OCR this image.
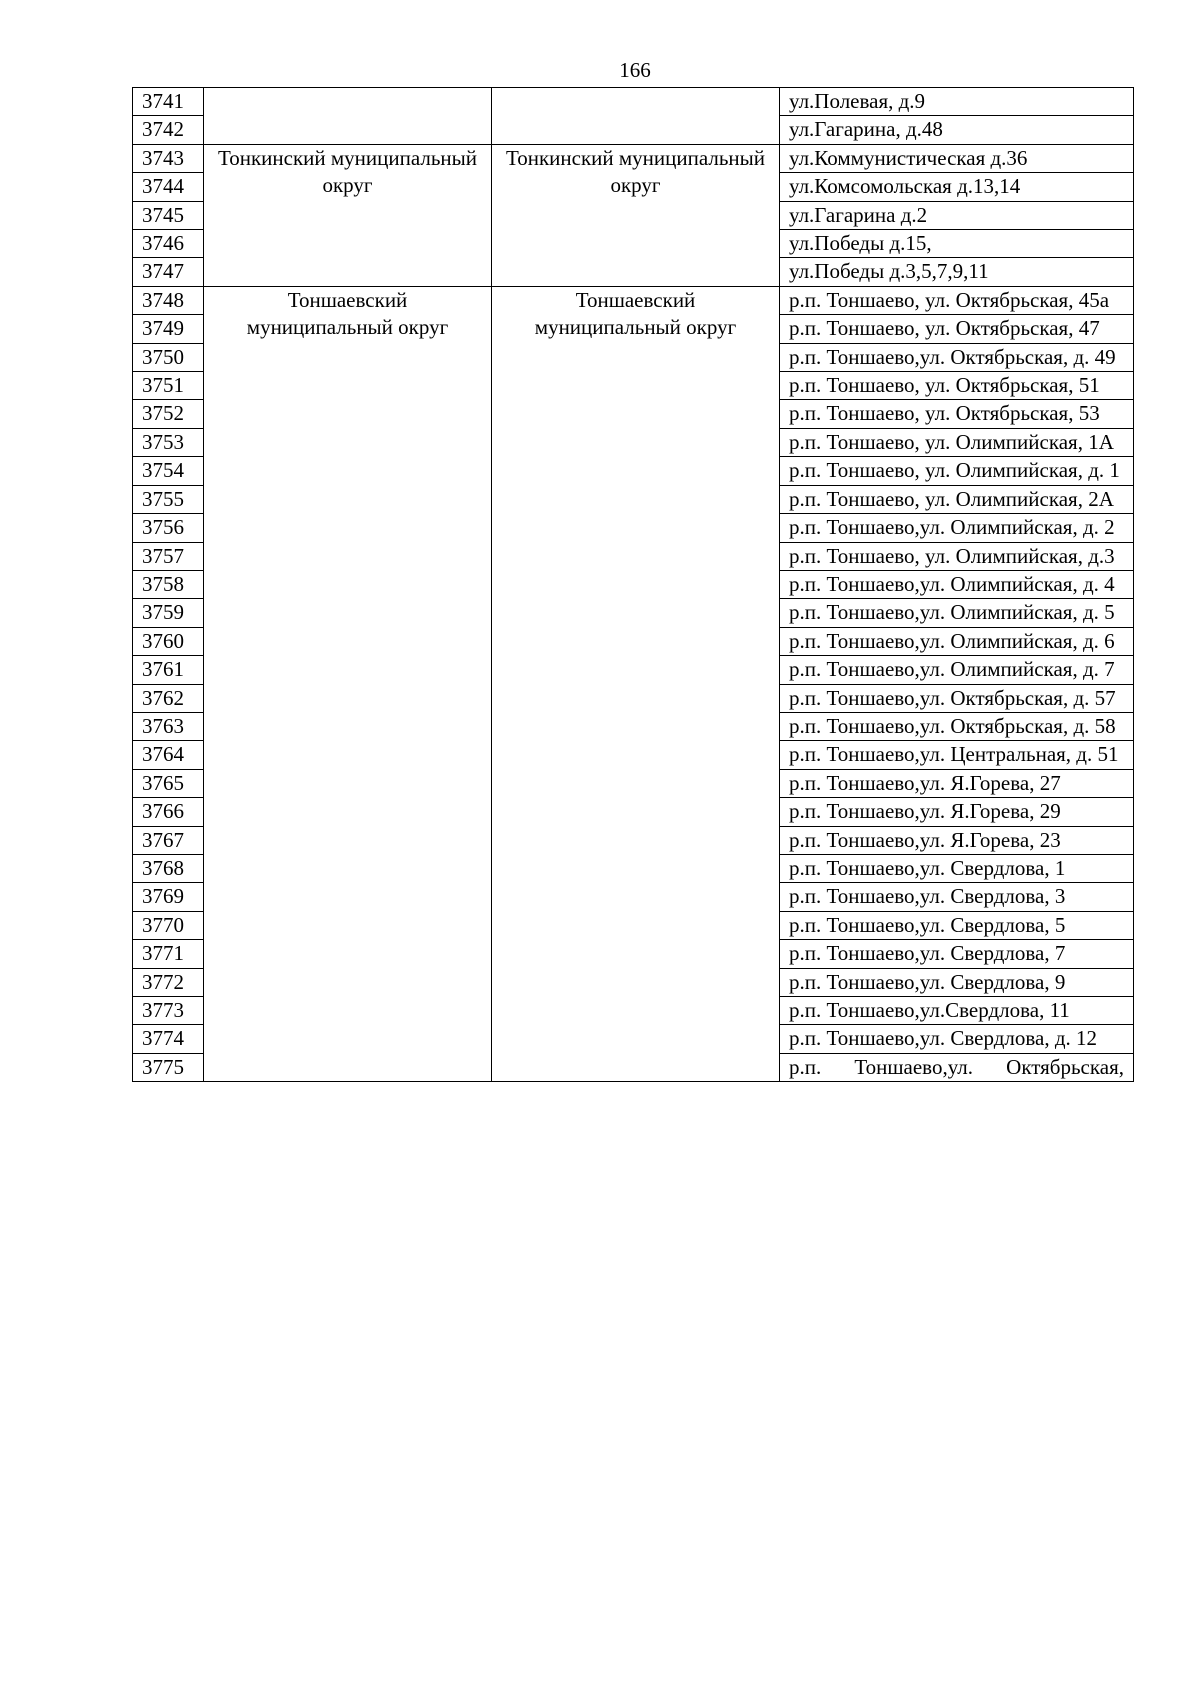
166
3741			ул.Полевая, д.9
3742			ул.Гагарина, д.48
3743	Тонкинский муниципальный округ	Тонкинский муниципальный округ	ул.Коммунистическая д.36
3744			ул.Комсомольская д.13,14
3745			ул.Гагарина д.2
3746			ул.Победы д.15,
3747			ул.Победы д.3,5,7,9,11
3748	Тоншаевский муниципальный округ	Тоншаевский муниципальный округ	р.п. Тоншаево, ул. Октябрьская, 45а
3749			р.п. Тоншаево, ул. Октябрьская, 47
3750			р.п. Тоншаево,ул. Октябрьская, д. 49
3751			р.п. Тоншаево, ул. Октябрьская, 51
3752			р.п. Тоншаево, ул. Октябрьская, 53
3753			р.п. Тоншаево, ул. Олимпийская, 1А
3754			р.п. Тоншаево, ул. Олимпийская, д. 1
3755			р.п. Тоншаево, ул. Олимпийская, 2А
3756			р.п. Тоншаево,ул. Олимпийская, д. 2
3757			р.п. Тоншаево, ул. Олимпийская, д.3
3758			р.п. Тоншаево,ул. Олимпийская, д. 4
3759			р.п. Тоншаево,ул. Олимпийская, д. 5
3760			р.п. Тоншаево,ул. Олимпийская, д. 6
3761			р.п. Тоншаево,ул. Олимпийская, д. 7
3762			р.п. Тоншаево,ул. Октябрьская, д. 57
3763			р.п. Тоншаево,ул. Октябрьская, д. 58
3764			р.п. Тоншаево,ул. Центральная, д. 51
3765			р.п. Тоншаево,ул. Я.Горева, 27
3766			р.п. Тоншаево,ул. Я.Горева, 29
3767			р.п. Тоншаево,ул. Я.Горева, 23
3768			р.п. Тоншаево,ул. Свердлова, 1
3769			р.п. Тоншаево,ул. Свердлова, 3
3770			р.п. Тоншаево,ул. Свердлова, 5
3771			р.п. Тоншаево,ул. Свердлова, 7
3772			р.п. Тоншаево,ул. Свердлова, 9
3773			р.п. Тоншаево,ул.Свердлова, 11
3774			р.п. Тоншаево,ул. Свердлова, д. 12
3775			р.п. Тоншаево,ул. Октябрьская,
